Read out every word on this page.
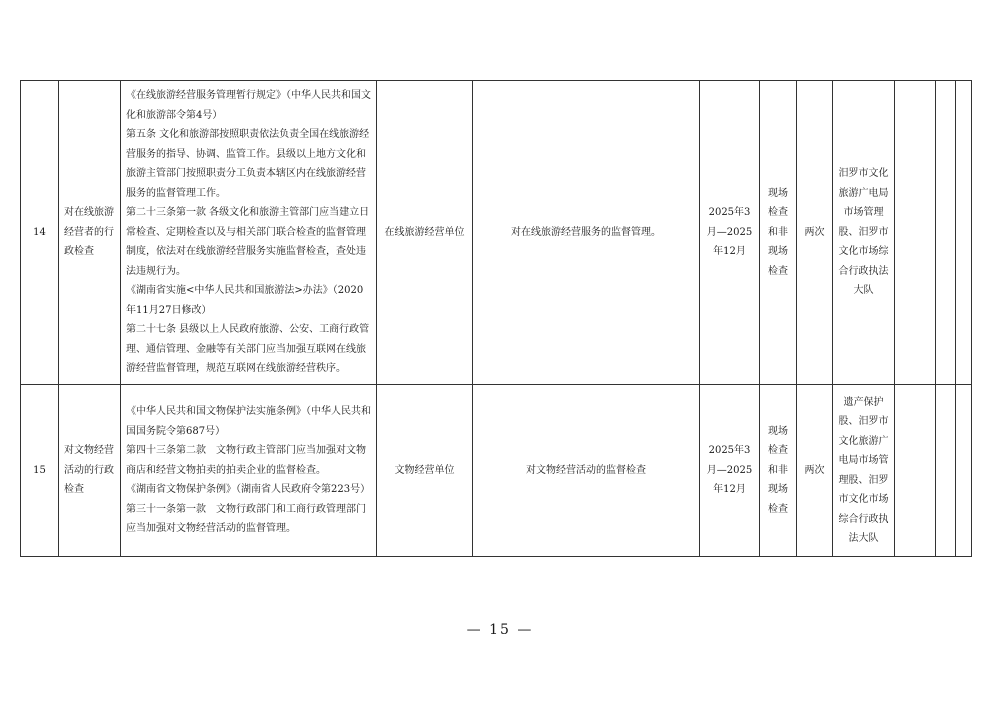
14	对在线旅游经营者的行政检查	《在线旅游经营服务管理暂行规定》（中华人民共和国文化和旅游部令第4号）

第五条 文化和旅游部按照职责依法负责全国在线旅游经营服务的指导、协调、监管工作。县级以上地方文化和旅游主管部门按照职责分工负责本辖区内在线旅游经营服务的监督管理工作。

第二十三条第一款 各级文化和旅游主管部门应当建立日常检查、定期检查以及与相关部门联合检查的监督管理制度，依法对在线旅游经营服务实施监督检查，查处违法违规行为。

《湖南省实施<中华人民共和国旅游法>办法》（2020年11月27日修改）

第二十七条 县级以上人民政府旅游、公安、工商行政管理、通信管理、金融等有关部门应当加强互联网在线旅游经营监督管理，规范互联网在线旅游经营秩序。	在线旅游经营单位	对在线旅游经营服务的监督管理。	2025年3月—2025年12月	现场检查和非现场检查	两次	汨罗市文化旅游广电局市场管理股、汨罗市文化市场综合行政执法大队			
15	对文物经营活动的行政检查	《中华人民共和国文物保护法实施条例》（中华人民共和国国务院令第687号）

第四十三条第二款　文物行政主管部门应当加强对文物商店和经营文物拍卖的拍卖企业的监督检查。

《湖南省文物保护条例》（湖南省人民政府令第223号）

第三十一条第一款　文物行政部门和工商行政管理部门应当加强对文物经营活动的监督管理。	文物经营单位	对文物经营活动的监督检查	2025年3月—2025年12月	现场检查和非现场检查	两次	遗产保护股、汨罗市文化旅游广电局市场管理股、汨罗市文化市场综合行政执法大队			
— 15 —
